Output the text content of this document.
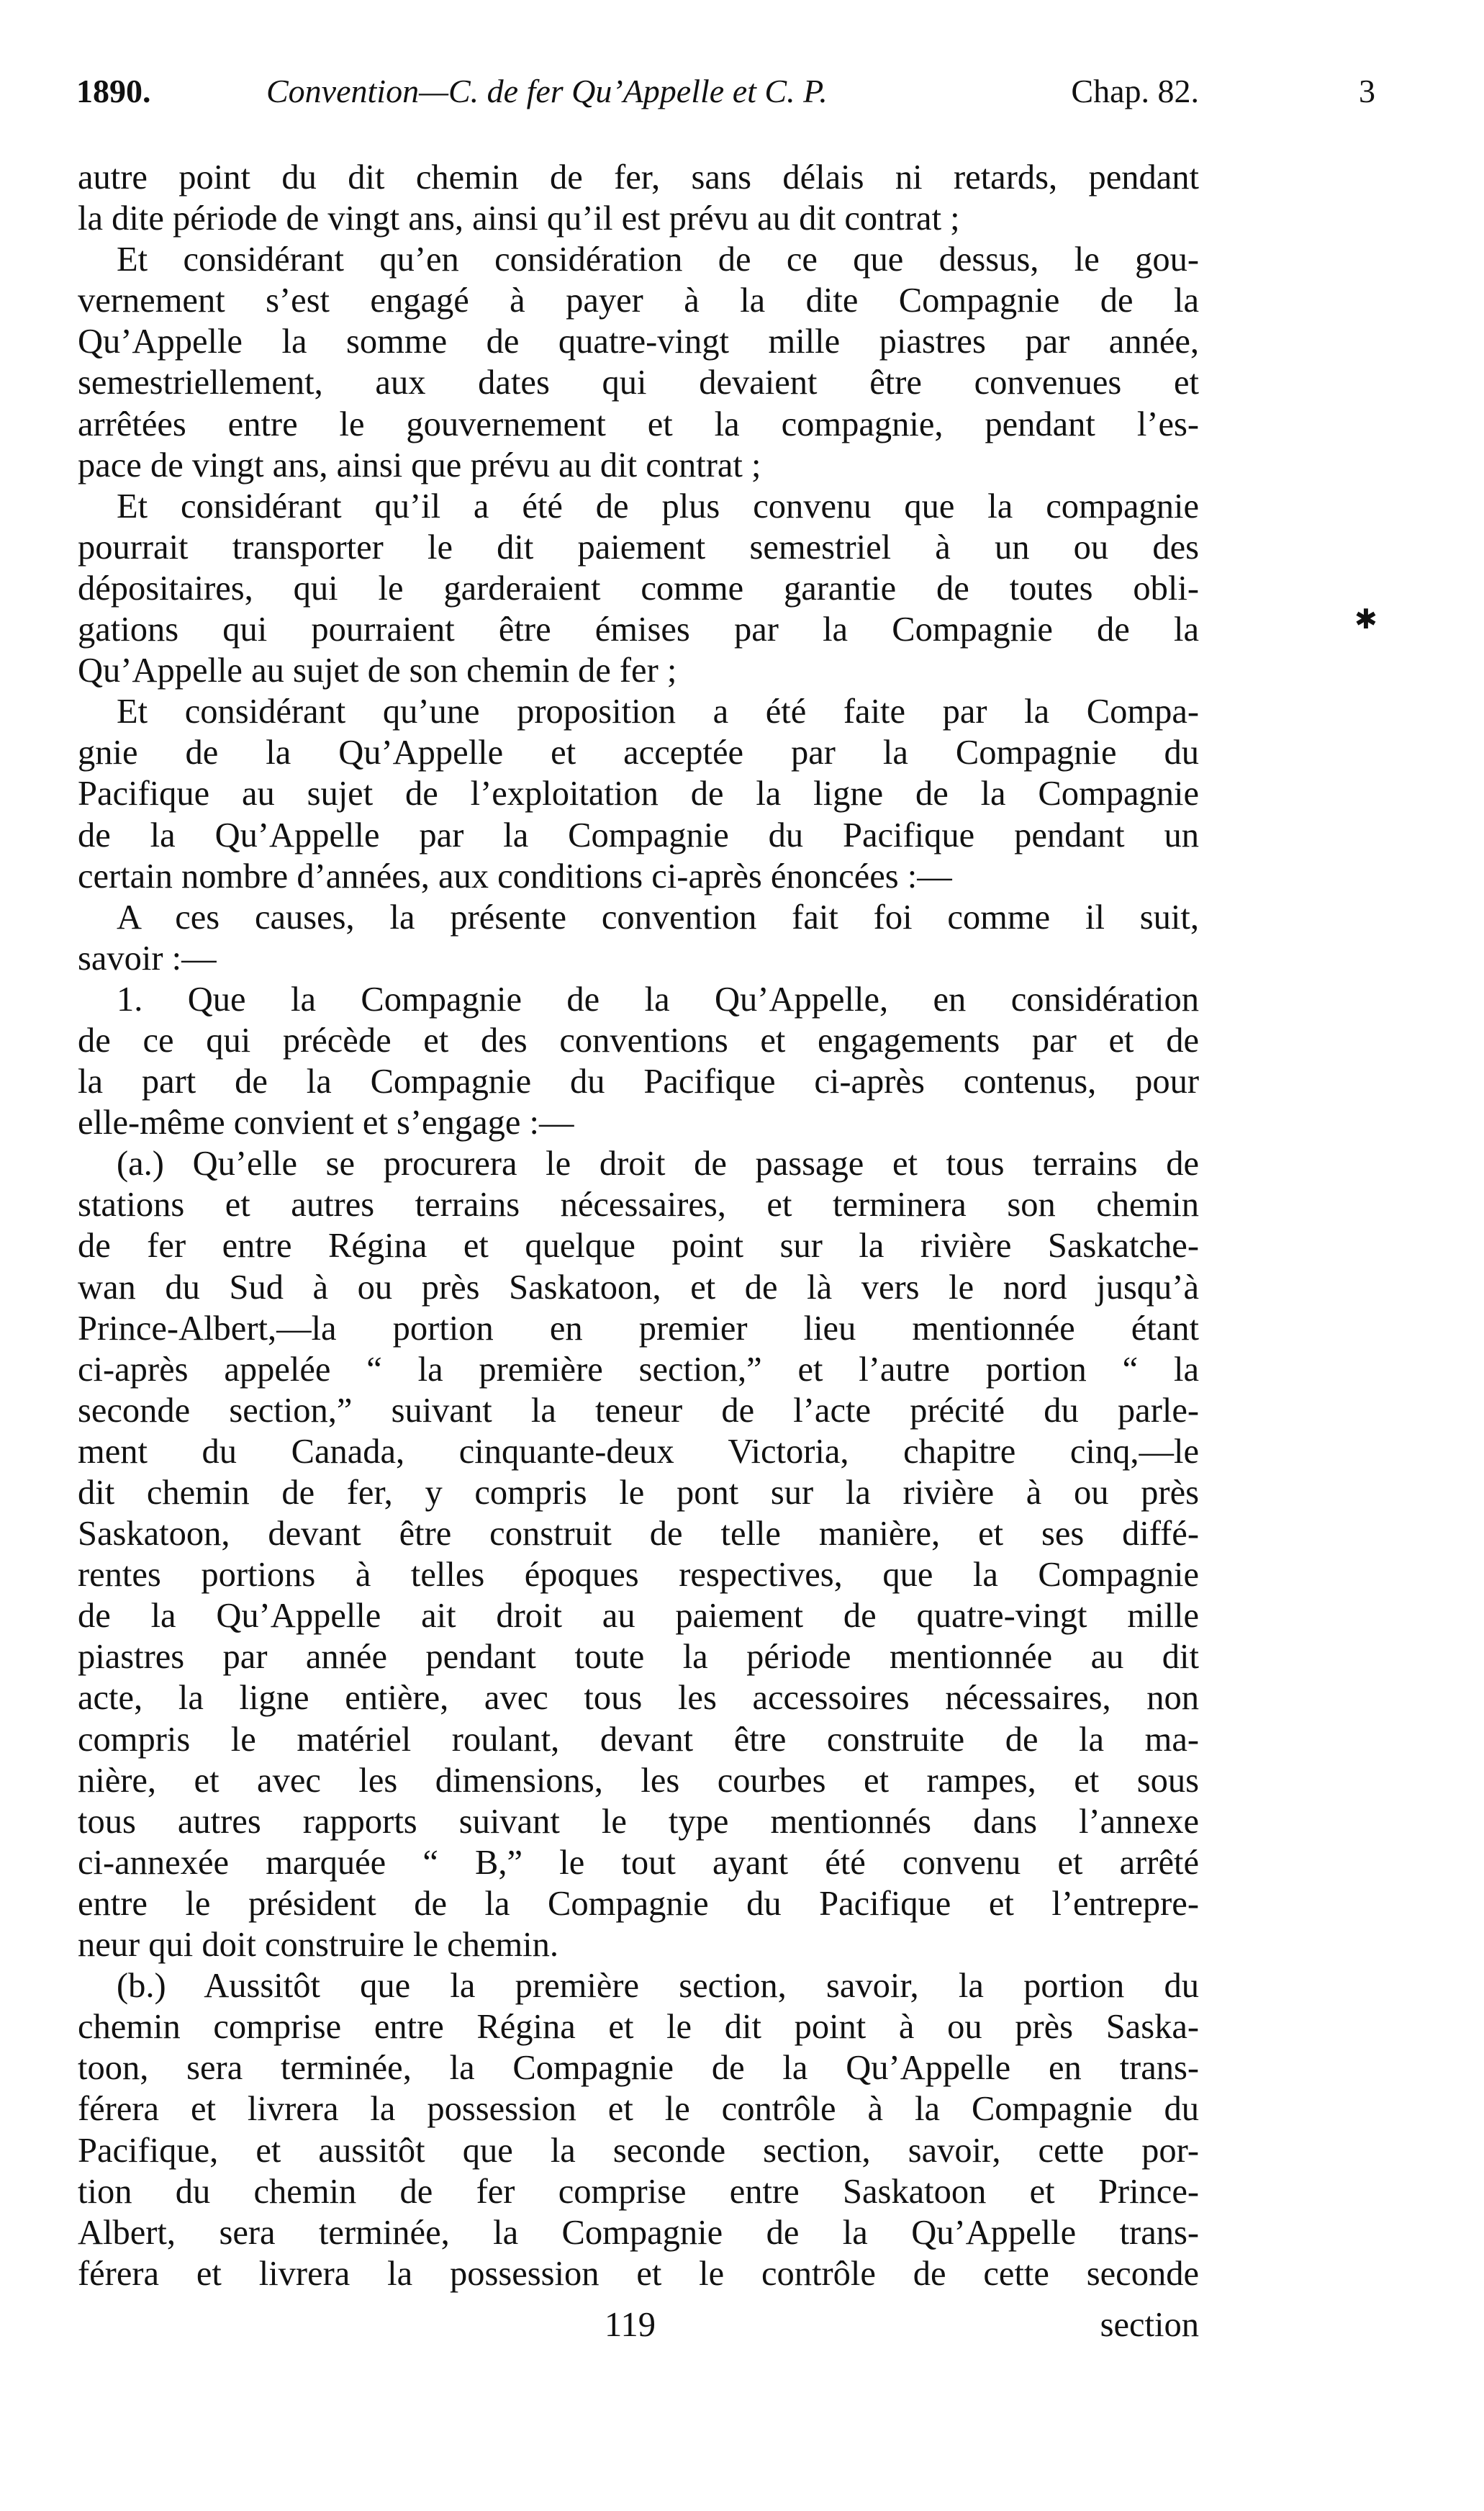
1890.	Convention—C. de fer Qu’Appelle et C. P.	Chap. 82.	3
✱
autre point du dit chemin de fer, sans délais ni retards, pendant
la dite période de vingt ans, ainsi qu’il est prévu au dit contrat ;
Et considérant qu’en considération de ce que dessus, le gou-
vernement s’est engagé à payer à la dite Compagnie de la
Qu’Appelle la somme de quatre-vingt mille piastres par année,
semestriellement, aux dates qui devaient être convenues et
arrêtées entre le gouvernement et la compagnie, pendant l’es-
pace de vingt ans, ainsi que prévu au dit contrat ;
Et considérant qu’il a été de plus convenu que la compagnie
pourrait transporter le dit paiement semestriel à un ou des
dépositaires, qui le garderaient comme garantie de toutes obli-
gations qui pourraient être émises par la Compagnie de la
Qu’Appelle au sujet de son chemin de fer ;
Et considérant qu’une proposition a été faite par la Compa-
gnie de la Qu’Appelle et acceptée par la Compagnie du
Pacifique au sujet de l’exploitation de la ligne de la Compagnie
de la Qu’Appelle par la Compagnie du Pacifique pendant un
certain nombre d’années, aux conditions ci-après énoncées :—
A ces causes, la présente convention fait foi comme il suit,
savoir :—
1. Que la Compagnie de la Qu’Appelle, en considération
de ce qui précède et des conventions et engagements par et de
la part de la Compagnie du Pacifique ci-après contenus, pour
elle-même convient et s’engage :—
(a.) Qu’elle se procurera le droit de passage et tous terrains de
stations et autres terrains nécessaires, et terminera son chemin
de fer entre Régina et quelque point sur la rivière Saskatche-
wan du Sud à ou près Saskatoon, et de là vers le nord jusqu’à
Prince-Albert,—la portion en premier lieu mentionnée étant
ci-après appelée “ la première section,” et l’autre portion “ la
seconde section,” suivant la teneur de l’acte précité du parle-
ment du Canada, cinquante-deux Victoria, chapitre cinq,—le
dit chemin de fer, y compris le pont sur la rivière à ou près
Saskatoon, devant être construit de telle manière, et ses diffé-
rentes portions à telles époques respectives, que la Compagnie
de la Qu’Appelle ait droit au paiement de quatre-vingt mille
piastres par année pendant toute la période mentionnée au dit
acte, la ligne entière, avec tous les accessoires nécessaires, non
compris le matériel roulant, devant être construite de la ma-
nière, et avec les dimensions, les courbes et rampes, et sous
tous autres rapports suivant le type mentionnés dans l’annexe
ci-annexée marquée “ B,” le tout ayant été convenu et arrêté
entre le président de la Compagnie du Pacifique et l’entrepre-
neur qui doit construire le chemin.
(b.) Aussitôt que la première section, savoir, la portion du
chemin comprise entre Régina et le dit point à ou près Saska-
toon, sera terminée, la Compagnie de la Qu’Appelle en trans-
férera et livrera la possession et le contrôle à la Compagnie du
Pacifique, et aussitôt que la seconde section, savoir, cette por-
tion du chemin de fer comprise entre Saskatoon et Prince-
Albert, sera terminée, la Compagnie de la Qu’Appelle trans-
férera et livrera la possession et le contrôle de cette seconde
119	section
